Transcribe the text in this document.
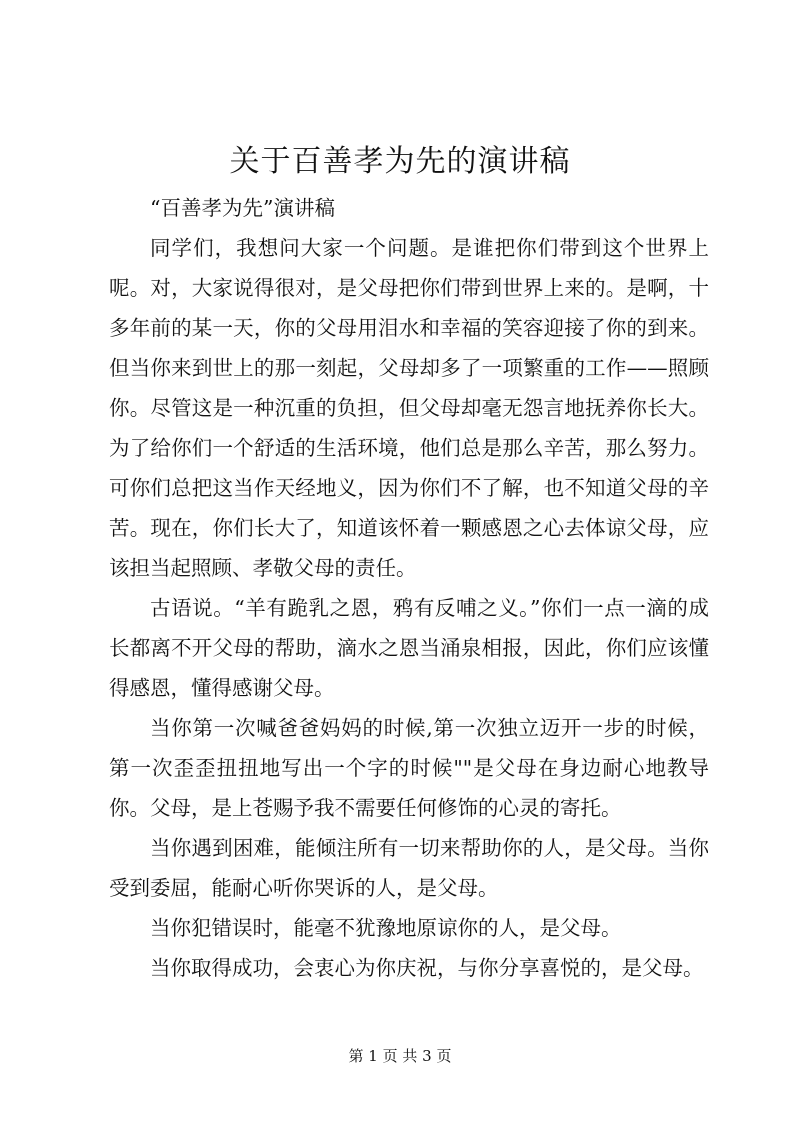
关于百善孝为先的演讲稿

“百善孝为先”演讲稿

同学们，我想问大家一个问题。是谁把你们带到这个世界上呢。对，大家说得很对，是父母把你们带到世界上来的。是啊，十多年前的某一天，你的父母用泪水和幸福的笑容迎接了你的到来。但当你来到世上的那一刻起，父母却多了一项繁重的工作——照顾你。尽管这是一种沉重的负担，但父母却毫无怨言地抚养你长大。为了给你们一个舒适的生活环境，他们总是那么辛苦，那么努力。可你们总把这当作天经地义，因为你们不了解，也不知道父母的辛苦。现在，你们长大了，知道该怀着一颗感恩之心去体谅父母，应该担当起照顾、孝敬父母的责任。

古语说。“羊有跪乳之恩，鸦有反哺之义。”你们一点一滴的成长都离不开父母的帮助，滴水之恩当涌泉相报，因此，你们应该懂得感恩，懂得感谢父母。

当你第一次喊爸爸妈妈的时候,第一次独立迈开一步的时候，第一次歪歪扭扭地写出一个字的时候""是父母在身边耐心地教导你。父母，是上苍赐予我不需要任何修饰的心灵的寄托。

当你遇到困难，能倾注所有一切来帮助你的人，是父母。当你受到委屈，能耐心听你哭诉的人，是父母。

当你犯错误时，能毫不犹豫地原谅你的人，是父母。

当你取得成功，会衷心为你庆祝，与你分享喜悦的，是父母。

第 1 页 共 3 页
